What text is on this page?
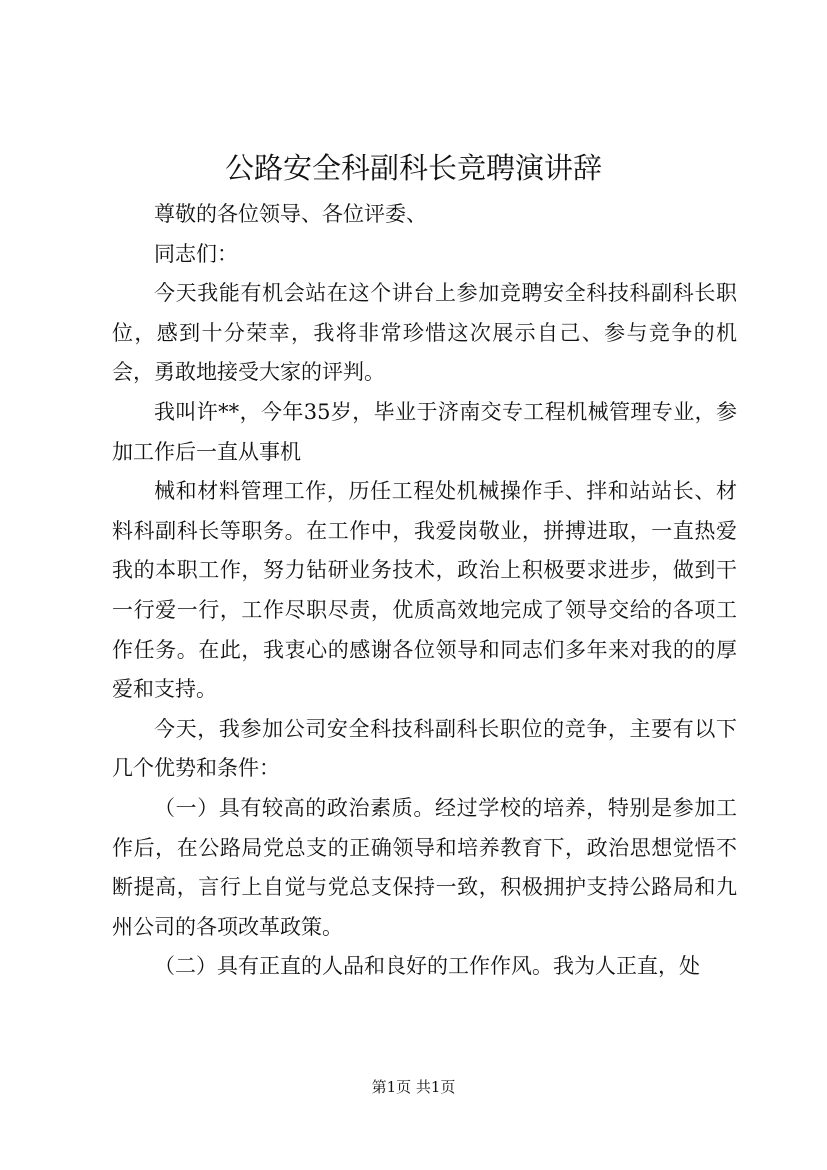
公路安全科副科长竞聘演讲辞

尊敬的各位领导、各位评委、

同志们：

今天我能有机会站在这个讲台上参加竞聘安全科技科副科长职位，感到十分荣幸，我将非常珍惜这次展示自己、参与竞争的机会，勇敢地接受大家的评判。

我叫许**，今年35岁，毕业于济南交专工程机械管理专业，参加工作后一直从事机

械和材料管理工作，历任工程处机械操作手、拌和站站长、材料科副科长等职务。在工作中，我爱岗敬业，拼搏进取，一直热爱我的本职工作，努力钻研业务技术，政治上积极要求进步，做到干一行爱一行，工作尽职尽责，优质高效地完成了领导交给的各项工作任务。在此，我衷心的感谢各位领导和同志们多年来对我的的厚爱和支持。

今天，我参加公司安全科技科副科长职位的竞争，主要有以下几个优势和条件：

（一）具有较高的政治素质。经过学校的培养，特别是参加工作后，在公路局党总支的正确领导和培养教育下，政治思想觉悟不断提高，言行上自觉与党总支保持一致，积极拥护支持公路局和九州公司的各项改革政策。

（二）具有正直的人品和良好的工作作风。我为人正直，处

第1页 共1页
